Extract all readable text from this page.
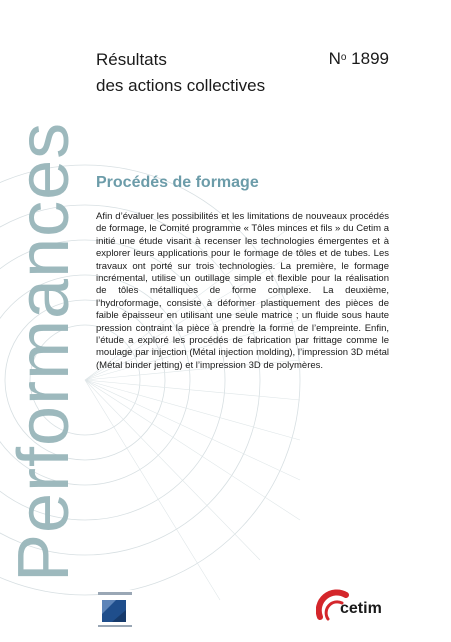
Performances
Résultats
des actions collectives
$N^o$ 1899
Procédés de formage

Afin d’évaluer les possibilités et les limitations de nouveaux procédés de formage, le Comité programme « Tôles minces et fils » du Cetim a initié une étude visant à recenser les technologies émergentes et à explorer leurs applications pour le formage de tôles et de tubes. Les travaux ont porté sur trois technologies. La première, le formage incrémental, utilise un outillage simple et flexible pour la réalisation de tôles métalliques de forme complexe. La deuxième, l’hydroformage, consiste à déformer plastiquement des pièces de faible épaisseur en utilisant une seule matrice ; un fluide sous haute pression contraint la pièce à prendre la forme de l’empreinte. Enfin, l’étude a exploré les procédés de fabrication par frittage comme le moulage par injection (Métal injection molding), l’impression 3D métal (Métal binder jetting) et l’impression 3D de polymères.

cetim
